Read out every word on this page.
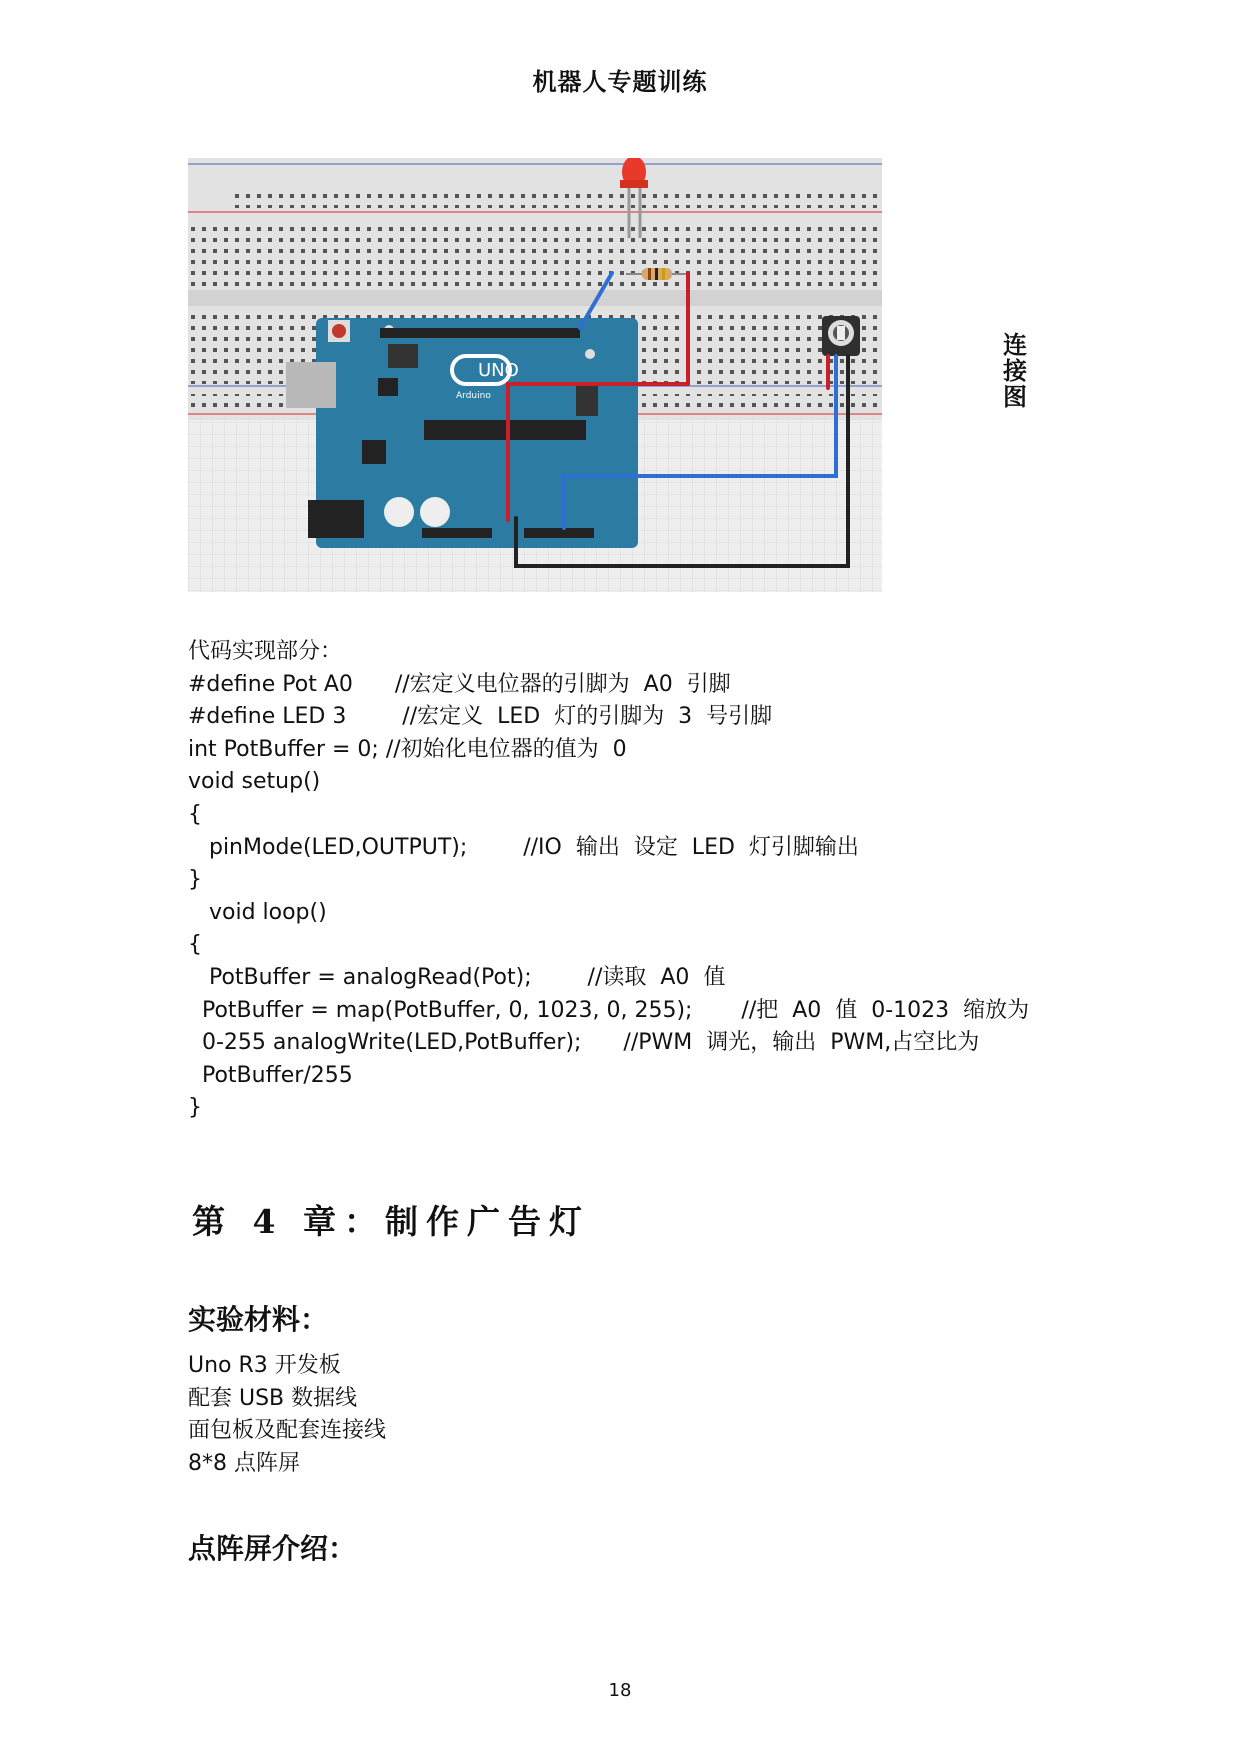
机器人专题训练
连
接
图
UNO
Arduino
代码实现部分：
#define Pot A0      //宏定义电位器的引脚为  A0  引脚
#define LED 3        //宏定义  LED  灯的引脚为  3  号引脚
int PotBuffer = 0; //初始化电位器的值为  0
void setup()
{
pinMode(LED,OUTPUT);        //IO  输出  设定  LED  灯引脚输出
}
void loop()
{
PotBuffer = analogRead(Pot);        //读取  A0  值
PotBuffer = map(PotBuffer, 0, 1023, 0, 255);       //把  A0  值  0-1023  缩放为
0-255 analogWrite(LED,PotBuffer);      //PWM  调光，输出  PWM,占空比为
PotBuffer/255
}
第 4 章：制作广告灯
实验材料：
Uno R3 开发板
配套 USB 数据线
面包板及配套连接线
8*8 点阵屏
点阵屏介绍：
18
